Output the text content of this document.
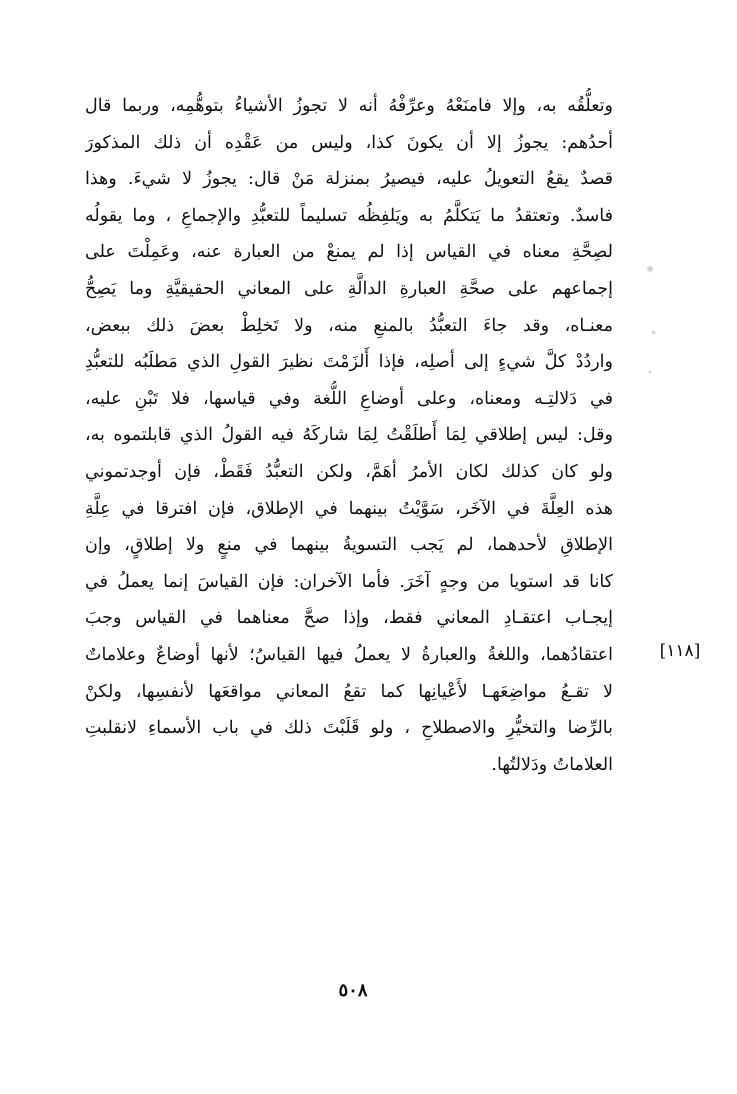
وتعلُّقُه به، وإلا فامنَعْهُ وعرِّفْهُ أنه لا تجوزُ الأشياءُ بتوهُّمِه، وربما قال
أحدُهم: يجوزُ إلا أن يكونَ كذا، وليس من عَقْدِه أن ذلك المذكورَ
قصدٌ يقعُ التعويلُ عليه، فيصيرُ بمنزلة مَنْ قال: يجوزُ لا شيءَ. وهذا
فاسدٌ. وتعتقدُ ما يَتكلَّمُ به ويَلفِظُه تسليماً للتعبُّدِ والإجماعِ ، وما يقولُه
لصِحَّةِ معناه في القياس إذا لم يمنعْ من العبارة عنه، وعَمِلْتَ على
إجماعهم على صحَّةِ العبارةِ الدالَّةِ على المعاني الحقيقيَّةِ وما يَصِحُّ
معنـاه، وقد جاءَ التعبُّدُ بالمنعِ منه، ولا تَخلِطْ بعضَ ذلك ببعض،
واردُدْ كلَّ شيءٍ إلى أصلِه، فإذا أَلزَمْتَ نظيرَ القولِ الذي مَطلَبُه للتعبُّدِ
في دَلالتِـه ومعناه، وعلى أوضاعِ اللُّغة وفي قياسها، فلا تَبْنِ عليه،
وقل: ليس إطلاقي لِمَا أَطلَقْتُ لِمَا شاركَهُ فيه القولُ الذي قابلتموه به،
ولو كان كذلك لكان الأمرُ أهَمَّ، ولكن التعبُّدُ فَقَطْ، فإن أوجدتموني
هذه العِلَّةَ في الآخَر، سَوَّيْتُ بينهما في الإطلاق، فإن افترقا في عِلَّةِ
الإطلاقِ لأحدهما، لم يَجب التسويةُ بينهما في منعٍ ولا إطلاقٍ، وإن
كانا قد استويا من وجهٍ آخَرَ. فأما الآخران: فإن القياسَ إنما يعملُ في
إيجـاب اعتقـادِ المعاني فقط، وإذا صحَّ معناهما في القياس وجبَ
اعتقادُهما، واللغةُ والعبارةُ لا يعملُ فيها القياسُ؛ لأنها أوضاعٌ وعلاماتٌ
لا تقـعُ مواضِعَهـا لأَعْيانِها كما تقعُ المعاني مواقعَها لأنفسِها، ولكنْ
بالرِّضا والتخيُّرِ والاصطلاحِ ، ولو قَلَبْتَ ذلك في باب الأسماءِ لانقلبتِ
العلاماتُ ودَلالتُها.
[١١٨]
٥٠٨
